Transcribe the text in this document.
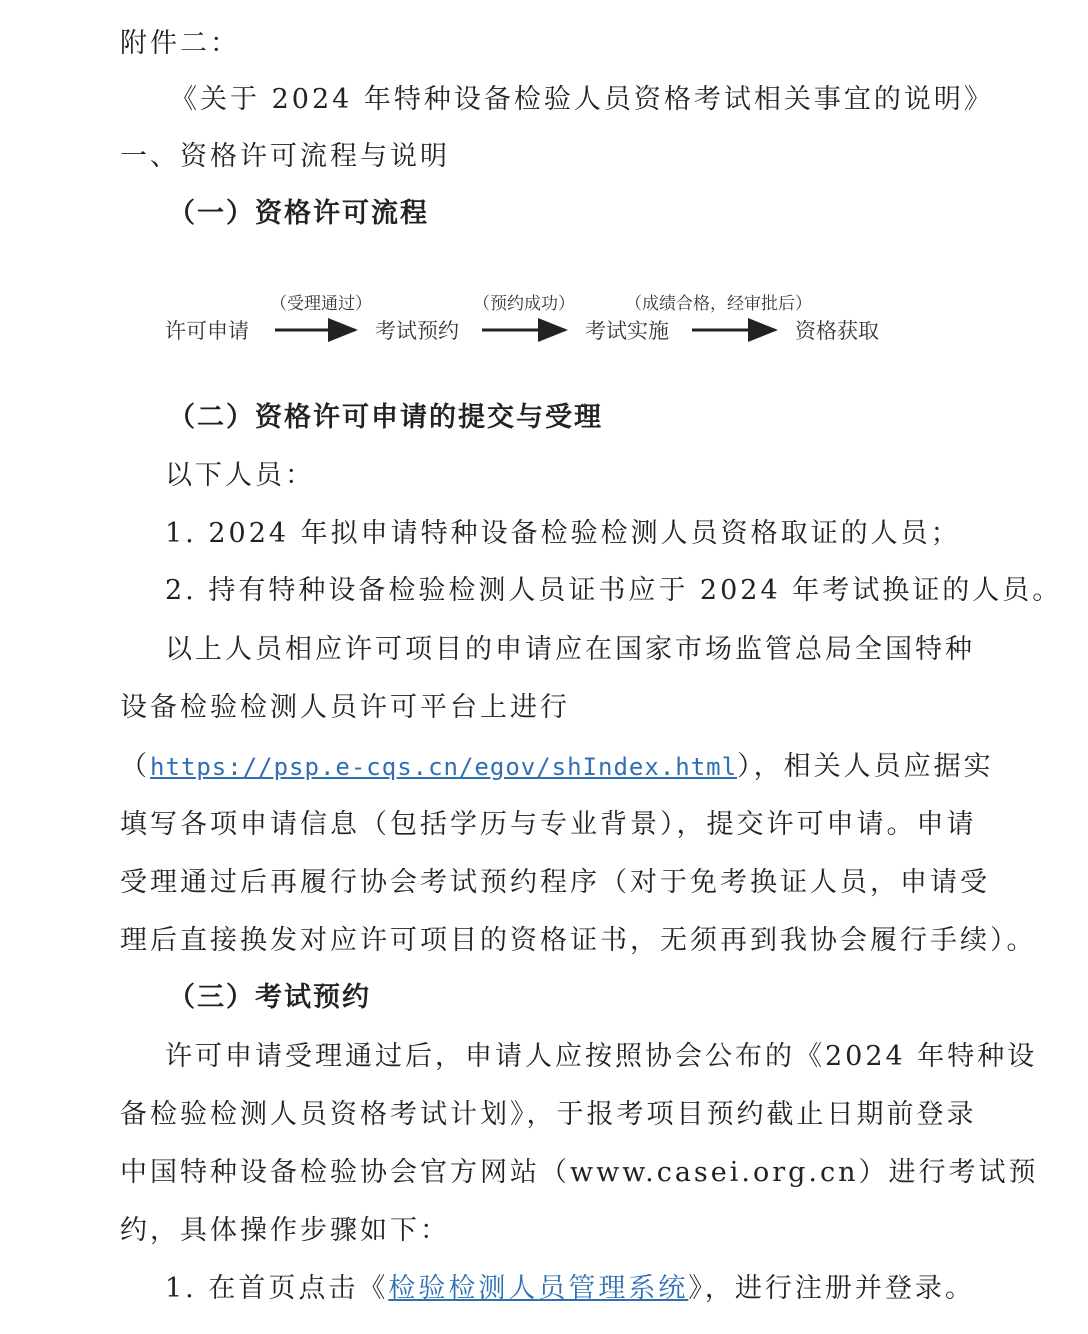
附件二：
《关于 2024 年特种设备检验人员资格考试相关事宜的说明》
一、资格许可流程与说明
（一）资格许可流程
许可申请	考试预约	考试实施	资格获取
（受理通过）	（预约成功）	（成绩合格，经审批后）
（二）资格许可申请的提交与受理
以下人员：
1. 2024 年拟申请特种设备检验检测人员资格取证的人员；
2. 持有特种设备检验检测人员证书应于 2024 年考试换证的人员。
以上人员相应许可项目的申请应在国家市场监管总局全国特种
设备检验检测人员许可平台上进行
（https://psp.e-cqs.cn/egov/shIndex.html），相关人员应据实
填写各项申请信息（包括学历与专业背景），提交许可申请。申请
受理通过后再履行协会考试预约程序（对于免考换证人员，申请受
理后直接换发对应许可项目的资格证书，无须再到我协会履行手续）。
（三）考试预约
许可申请受理通过后，申请人应按照协会公布的《2024 年特种设
备检验检测人员资格考试计划》，于报考项目预约截止日期前登录
中国特种设备检验协会官方网站（www.casei.org.cn）进行考试预
约，具体操作步骤如下：
1. 在首页点击《检验检测人员管理系统》，进行注册并登录。
